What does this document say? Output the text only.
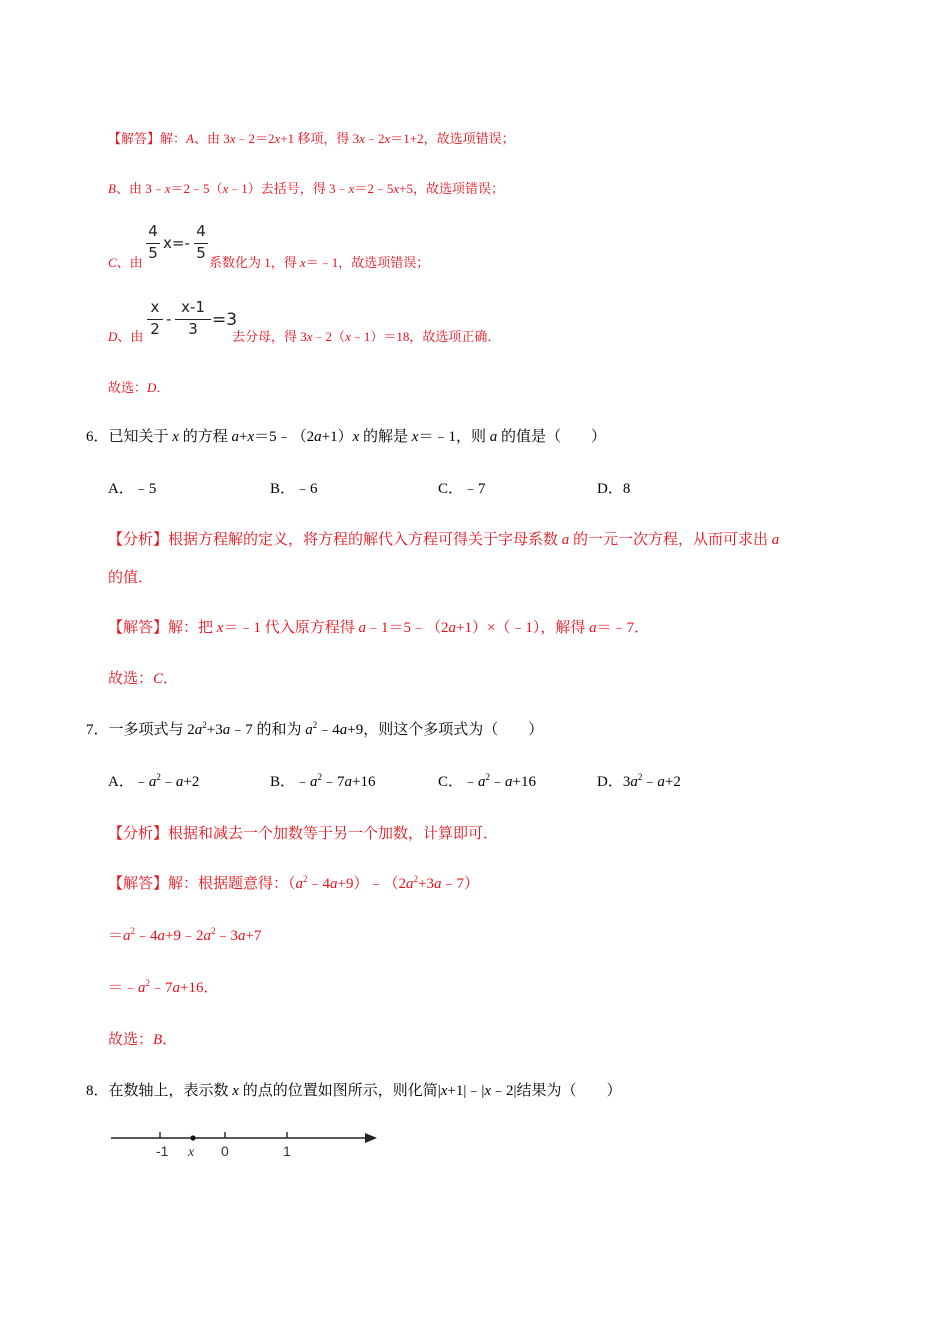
【解答】解：A、由 3x﹣2＝2x+1 移项，得 3x﹣2x＝1+2，故选项错误；
B、由 3﹣x＝2﹣5（x﹣1）去括号，得 3﹣x＝2﹣5x+5，故选项错误；
C、由
4
5
x=-
4
5
系数化为 1，得 x＝﹣1，故选项错误；
D、由
x
2
-
x-1
3 =3
去分母，得 3x﹣2（x﹣1）＝18，故选项正确．
故选：D．
6．已知关于 x 的方程 a+x＝5﹣（2a+1）x 的解是 x＝﹣1，则 a 的值是（　　）
A．﹣5	B．﹣6	C．﹣7	D．8
【分析】根据方程解的定义，将方程的解代入方程可得关于字母系数 a 的一元一次方程，从而可求出 a
的值．
【解答】解：把 x＝﹣1 代入原方程得 a﹣1＝5﹣（2a+1）×（﹣1），解得 a＝﹣7．
故选：C．
7．一多项式与 $2a^2+3a﹣7$ 的和为 $a^2﹣4a+9$，则这个多项式为（　　）
A．$﹣a^2﹣a+2$	B．$﹣a^2﹣7a+16$	C．$﹣a^2﹣a+16$	D．$3a^2﹣a+2$
【分析】根据和减去一个加数等于另一个加数，计算即可．
【解答】解：根据题意得：$(a^2﹣4a+9)﹣(2a^2+3a﹣7)$
$=a^2﹣4a+9﹣2a^2﹣3a+7$
$=﹣a^2﹣7a+16$．
故选：B．
8．在数轴上，表示数 x 的点的位置如图所示，则化简|x+1|﹣|x﹣2|结果为（　　）
-1 x 0	1
